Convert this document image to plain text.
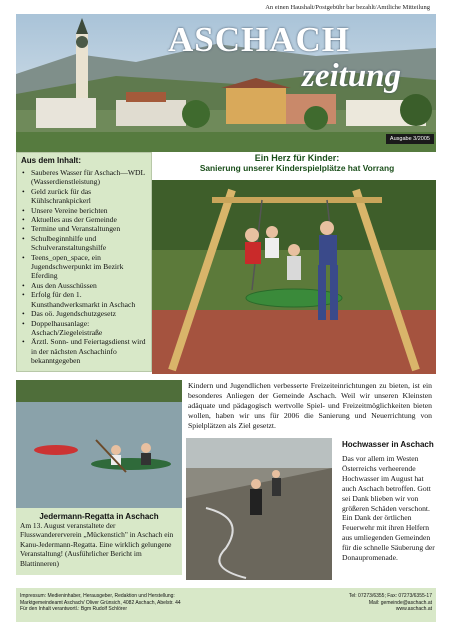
An einen Haushalt/Postgebühr bar bezahlt/Amtliche Mitteilung
ASCHACH
zeitung
Ausgabe 3/2005
Aus dem Inhalt:
• Sauberes Wasser für Aschach—WDL (Wasserdienstleistung)
• Geld zurück für das Kühlschrankpickerl
• Unsere Vereine berichten
• Aktuelles aus der Gemeinde
• Termine und Veranstaltungen
• Schulbeginnhilfe und Schulveranstaltungshilfe
• Teens_open_space, ein Jugendschwerpunkt im Bezirk Eferding
• Aus den Ausschüssen
• Erfolg für den 1. Kunsthandwerksmarkt in Aschach
• Das oö. Jugendschutzgesetz
• Doppelhausanlage: Aschach/Ziegeleistraße
• Ärztl. Sonn- und Feiertagsdienst wird in der nächsten Aschachinfo bekanntgegeben
Ein Herz für Kinder:
Sanierung unserer Kinderspielplätze hat Vorrang
Kindern und Jugendlichen verbesserte Freizeiteinrichtungen zu bieten, ist ein besonderes Anliegen der Gemeinde Aschach. Weil wir unseren Kleinsten adäquate und pädagogisch wertvolle Spiel- und Freizeitmöglichkeiten bieten wollen, haben wir uns für 2006 die Sanierung und Neuerrichtung von Spielplätzen als Ziel gesetzt.
Jedermann-Regatta in Aschach
Am 13. August veranstaltete der Flusswandererverein „Mückenstich" in Aschach ein Kanu-Jedermann-Regatta. Eine wirklich gelungene Veranstaltung! (Ausführlicher Bericht im Blattinneren)
Hochwasser in Aschach
Das vor allem im Westen Österreichs verheerende Hochwasser im August hat auch Aschach betroffen. Gott sei Dank blieben wir von größeren Schäden verschont. Ein Dank der örtlichen Feuerwehr mit ihren Helfern aus umliegenden Gemeinden für die schnelle Säuberung der Donaupromenade.
Impressum: Medieninhaber, Herausgeber, Redaktion und Herstellung:
Marktgemeindeamt Aschach/ Oliver Grünsich, 4082 Aschach, Abelstr. 44
Für den Inhalt verantwortl.: Bgm Rudolf Schlörer
Tel: 07273/6355; Fax: 07273/6355-17
Mail: gemeinde@aschach.at
www.aschach.at
